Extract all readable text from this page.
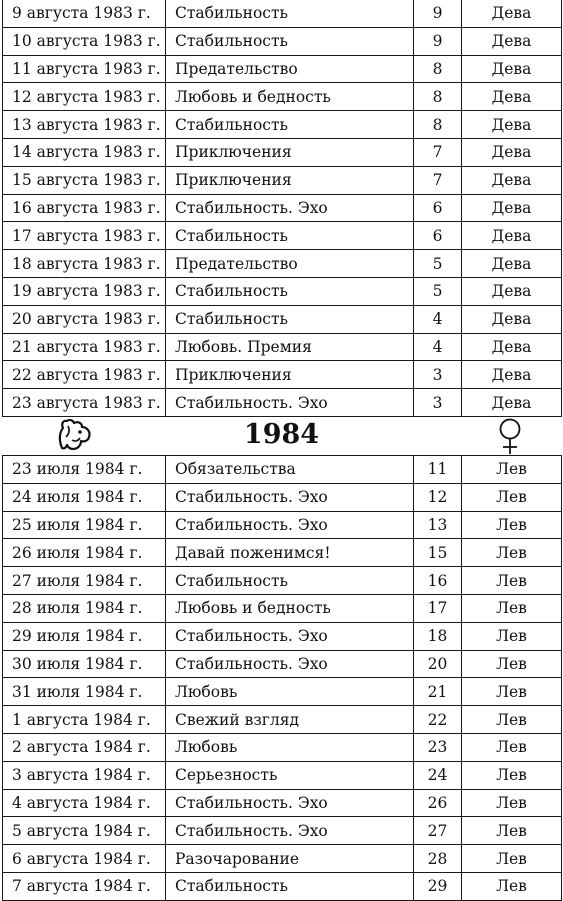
9 августа 1983 г.	Стабильность	9	Дева
10 августа 1983 г.	Стабильность	9	Дева
11 августа 1983 г.	Предательство	8	Дева
12 августа 1983 г.	Любовь и бедность	8	Дева
13 августа 1983 г.	Стабильность	8	Дева
14 августа 1983 г.	Приключения	7	Дева
15 августа 1983 г.	Приключения	7	Дева
16 августа 1983 г.	Стабильность. Эхо	6	Дева
17 августа 1983 г.	Стабильность	6	Дева
18 августа 1983 г.	Предательство	5	Дева
19 августа 1983 г.	Стабильность	5	Дева
20 августа 1983 г.	Стабильность	4	Дева
21 августа 1983 г.	Любовь. Премия	4	Дева
22 августа 1983 г.	Приключения	3	Дева
23 августа 1983 г.	Стабильность. Эхо	3	Дева
1984
23 июля 1984 г.	Обязательства	11	Лев
24 июля 1984 г.	Стабильность. Эхо	12	Лев
25 июля 1984 г.	Стабильность. Эхо	13	Лев
26 июля 1984 г.	Давай поженимся!	15	Лев
27 июля 1984 г.	Стабильность	16	Лев
28 июля 1984 г.	Любовь и бедность	17	Лев
29 июля 1984 г.	Стабильность. Эхо	18	Лев
30 июля 1984 г.	Стабильность. Эхо	20	Лев
31 июля 1984 г.	Любовь	21	Лев
1 августа 1984 г.	Свежий взгляд	22	Лев
2 августа 1984 г.	Любовь	23	Лев
3 августа 1984 г.	Серьезность	24	Лев
4 августа 1984 г.	Стабильность. Эхо	26	Лев
5 августа 1984 г.	Стабильность. Эхо	27	Лев
6 августа 1984 г.	Разочарование	28	Лев
7 августа 1984 г.	Стабильность	29	Лев
